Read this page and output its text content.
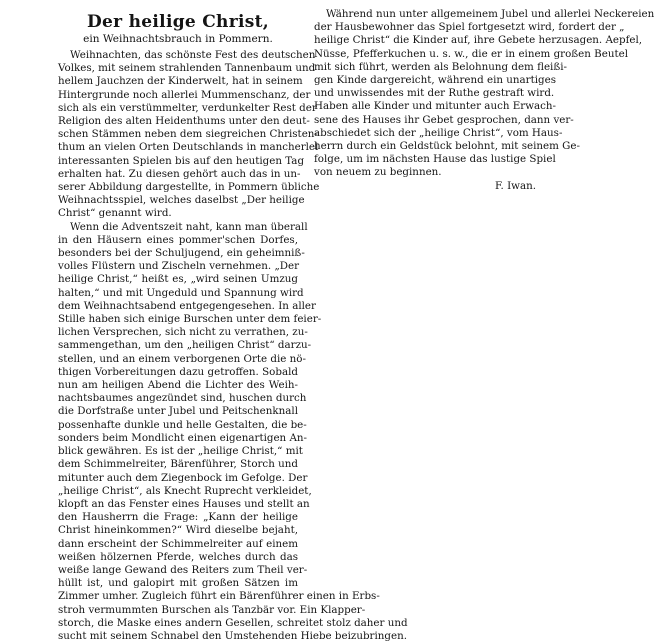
Der heilige Christ,
ein Weihnachtsbrauch in Pommern.
Weihnachten, das schönste Fest des deutschen
Volkes, mit seinem strahlenden Tannenbaum und
hellem Jauchzen der Kinderwelt, hat in seinem
Hintergrunde noch allerlei Mummenschanz, der
sich als ein verstümmelter, verdunkelter Rest der
Religion des alten Heidenthums unter den deut-
schen Stämmen neben dem siegreichen Christen-
thum an vielen Orten Deutschlands in mancherlei
interessanten Spielen bis auf den heutigen Tag
erhalten hat. Zu diesen gehört auch das in un-
serer Abbildung dargestellte, in Pommern übliche
Weihnachtsspiel, welches daselbst „Der heilige
Christ“ genannt wird.
Wenn die Adventszeit naht, kann man überall
in den Häusern eines pommer'schen Dorfes,
besonders bei der Schuljugend, ein geheimniß-
volles Flüstern und Zischeln vernehmen. „Der
heilige Christ,“ heißt es, „wird seinen Umzug
halten,“ und mit Ungeduld und Spannung wird
dem Weihnachtsabend entgegengesehen. In aller
Stille haben sich einige Burschen unter dem feier-
lichen Versprechen, sich nicht zu verrathen, zu-
sammengethan, um den „heiligen Christ“ darzu-
stellen, und an einem verborgenen Orte die nö-
thigen Vorbereitungen dazu getroffen. Sobald
nun am heiligen Abend die Lichter des Weih-
nachtsbaumes angezündet sind, huschen durch
die Dorfstraße unter Jubel und Peitschenknall
possenhafte dunkle und helle Gestalten, die be-
sonders beim Mondlicht einen eigenartigen An-
blick gewähren. Es ist der „heilige Christ,“ mit
dem Schimmelreiter, Bärenführer, Storch und
mitunter auch dem Ziegenbock im Gefolge. Der
„heilige Christ“, als Knecht Ruprecht verkleidet,
klopft an das Fenster eines Hauses und stellt an
den Hausherrn die Frage: „Kann der heilige
Christ hineinkommen?“ Wird dieselbe bejaht,
dann erscheint der Schimmelreiter auf einem
weißen hölzernen Pferde, welches durch das
weiße lange Gewand des Reiters zum Theil ver-
hüllt ist, und galopirt mit großen Sätzen im
Zimmer umher. Zugleich führt ein Bärenführer einen in Erbs-
stroh vermummten Burschen als Tanzbär vor. Ein Klapper-
storch, die Maske eines andern Gesellen, schreitet stolz daher und
sucht mit seinem Schnabel den Umstehenden Hiebe beizubringen.
Während nun unter allgemeinem Jubel und allerlei Neckereien
der Hausbewohner das Spiel fortgesetzt wird, fordert der „
heilige Christ“ die Kinder auf, ihre Gebete herzusagen. Aepfel,
Nüsse, Pfefferkuchen u. s. w., die er in einem großen Beutel
mit sich führt, werden als Belohnung dem fleißi-
gen Kinde dargereicht, während ein unartiges
und unwissendes mit der Ruthe gestraft wird.
Haben alle Kinder und mitunter auch Erwach-
sene des Hauses ihr Gebet gesprochen, dann ver-
abschiedet sich der „heilige Christ“, vom Haus-
herrn durch ein Geldstück belohnt, mit seinem Ge-
folge, um im nächsten Hause das lustige Spiel
von neuem zu beginnen.
F. Iwan.
